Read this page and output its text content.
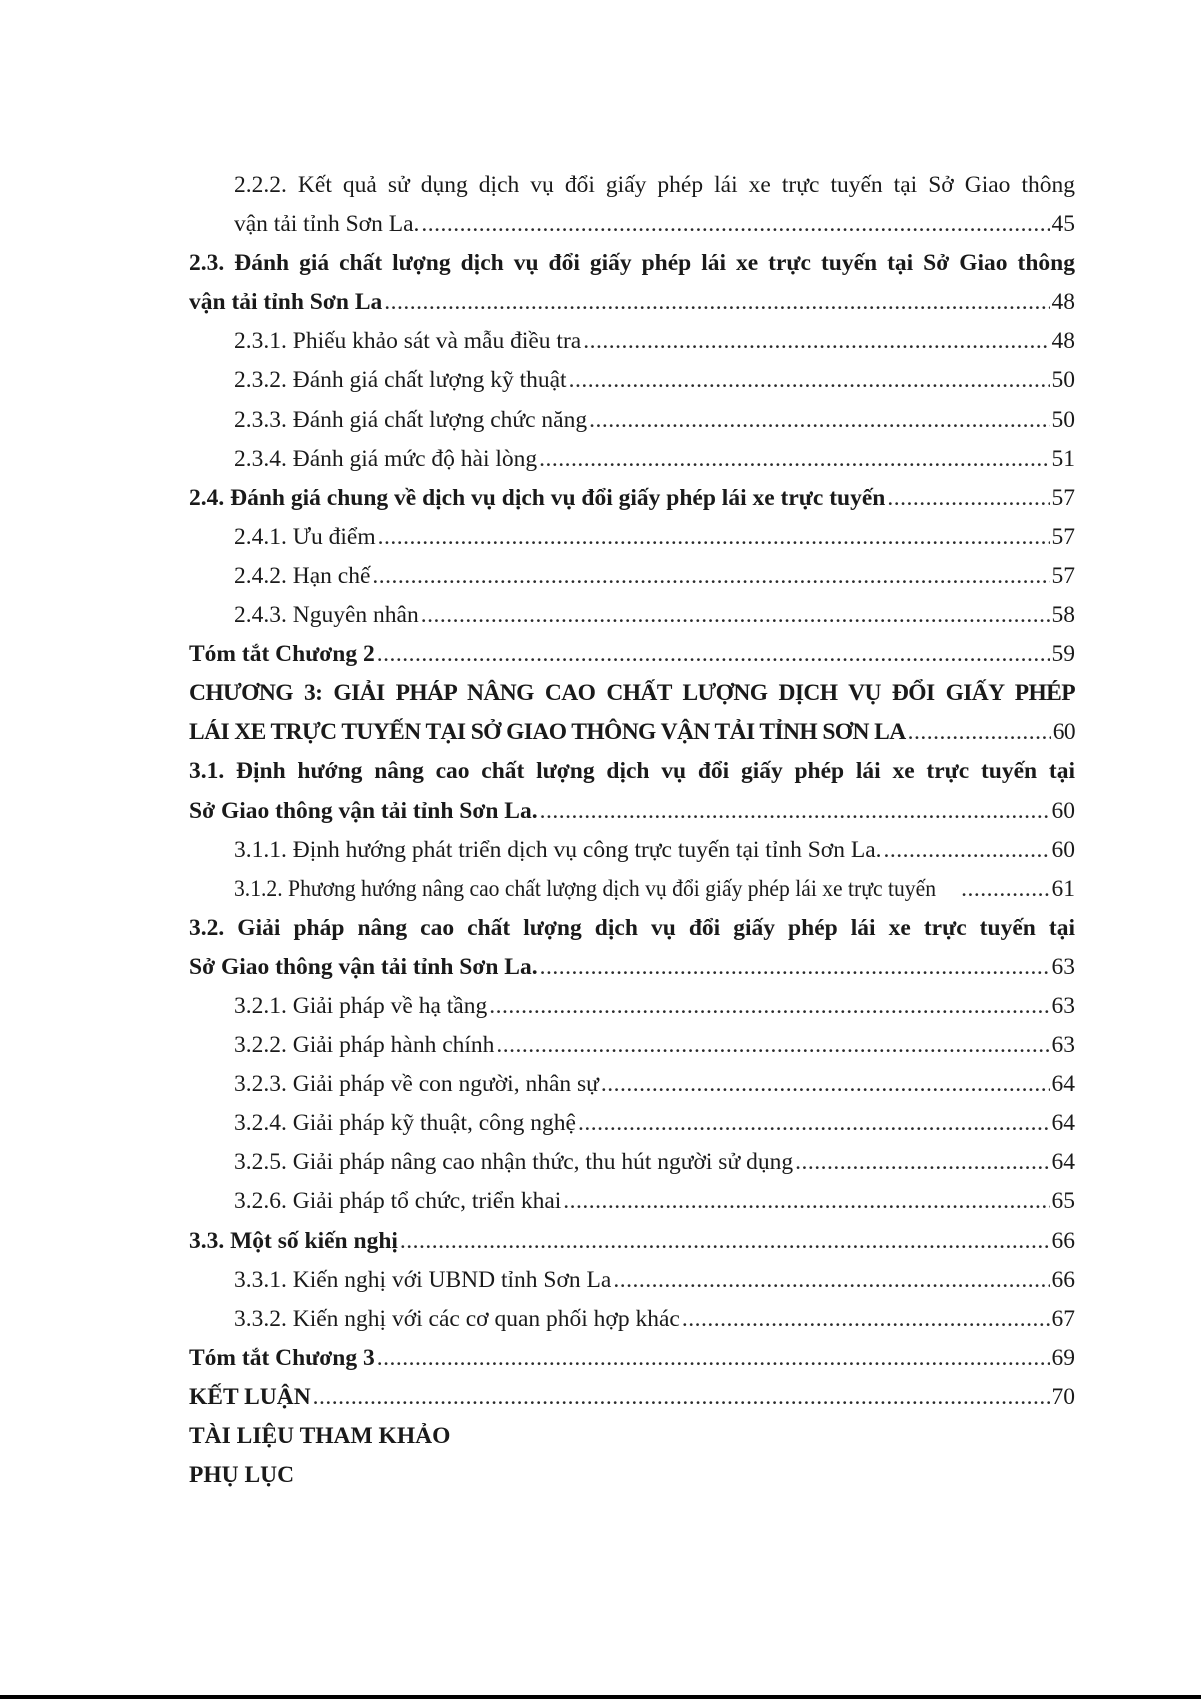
2.2.2. Kết quả sử dụng dịch vụ đổi giấy phép lái xe trực tuyến tại Sở Giao thông
vận tải tỉnh Sơn La. .....	45
2.3. Đánh giá chất lượng dịch vụ đổi giấy phép lái xe trực tuyến tại Sở Giao thông
vận tải tỉnh Sơn La .....	48
2.3.1. Phiếu khảo sát và mẫu điều tra .....	48
2.3.2. Đánh giá chất lượng kỹ thuật .....	50
2.3.3. Đánh giá chất lượng chức năng .....	50
2.3.4. Đánh giá mức độ hài lòng .....	51
2.4. Đánh giá chung về dịch vụ dịch vụ đổi giấy phép lái xe trực tuyến .....	57
2.4.1. Ưu điểm .....	57
2.4.2. Hạn chế .....	57
2.4.3. Nguyên nhân .....	58
Tóm tắt Chương 2 .....	59
CHƯƠNG 3: GIẢI PHÁP NÂNG CAO CHẤT LƯỢNG DỊCH VỤ ĐỔI GIẤY PHÉP
LÁI XE TRỰC TUYẾN TẠI SỞ GIAO THÔNG VẬN TẢI TỈNH SƠN LA .....	60
3.1. Định hướng nâng cao chất lượng dịch vụ đổi giấy phép lái xe trực tuyến tại
Sở Giao thông vận tải tỉnh Sơn La. .....	60
3.1.1. Định hướng phát triển dịch vụ công trực tuyến tại tỉnh Sơn La. .....	60
3.1.2. Phương hướng nâng cao chất lượng dịch vụ đổi giấy phép lái xe trực tuyến .....	61
3.2. Giải pháp nâng cao chất lượng dịch vụ đổi giấy phép lái xe trực tuyến tại
Sở Giao thông vận tải tỉnh Sơn La. .....	63
3.2.1. Giải pháp về hạ tầng .....	63
3.2.2. Giải pháp hành chính .....	63
3.2.3. Giải pháp về con người, nhân sự .....	64
3.2.4. Giải pháp kỹ thuật, công nghệ .....	64
3.2.5. Giải pháp nâng cao nhận thức, thu hút người sử dụng .....	64
3.2.6. Giải pháp tổ chức, triển khai .....	65
3.3. Một số kiến nghị .....	66
3.3.1. Kiến nghị với UBND tỉnh Sơn La .....	66
3.3.2. Kiến nghị với các cơ quan phối hợp khác .....	67
Tóm tắt Chương 3 .....	69
KẾT LUẬN .....	70
TÀI LIỆU THAM KHẢO
PHỤ LỤC
